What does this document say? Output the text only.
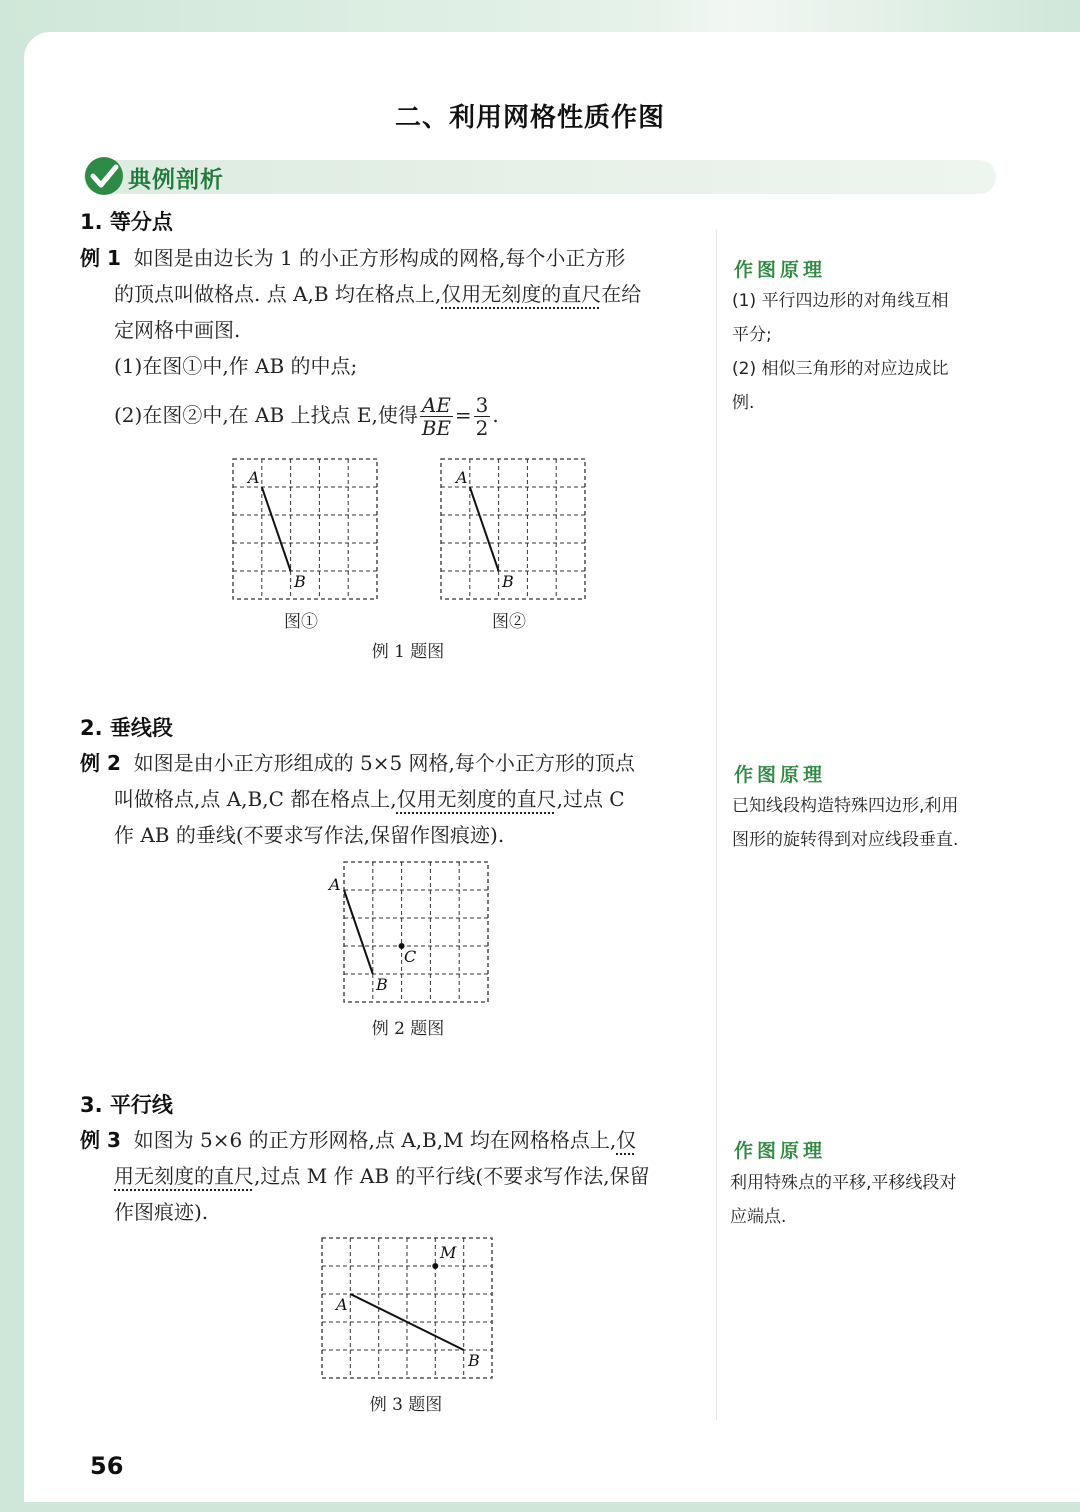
二、利用网格性质作图
典例剖析
1. 等分点
例 1 如图是由边长为 1 的小正方形构成的网格,每个小正方形
的顶点叫做格点. 点 A,B 均在格点上,仅用无刻度的直尺在给
定网格中画图.
(1)在图①中,作 AB 的中点;
(2)在图②中,在 AB 上找点 E,使得 $\frac{AE}{BE} = \frac{3}{2}$ .
A
B
A
B
图①	图②
例 1 题图
作图原理
(1) 平行四边形的对角线互相
平分;
(2) 相似三角形的对应边成比
例.
2. 垂线段
例 2 如图是由小正方形组成的 5×5 网格,每个小正方形的顶点
叫做格点,点 A,B,C 都在格点上,仅用无刻度的直尺,过点 C
作 AB 的垂线(不要求写作法,保留作图痕迹).
A
B
C
例 2 题图
作图原理
已知线段构造特殊四边形,利用
图形的旋转得到对应线段垂直.
3. 平行线
例 3 如图为 5×6 的正方形网格,点 A,B,M 均在网格格点上,仅
用无刻度的直尺,过点 M 作 AB 的平行线(不要求写作法,保留
作图痕迹).
A
B
M
例 3 题图
作图原理
利用特殊点的平移,平移线段对
应端点.
56
